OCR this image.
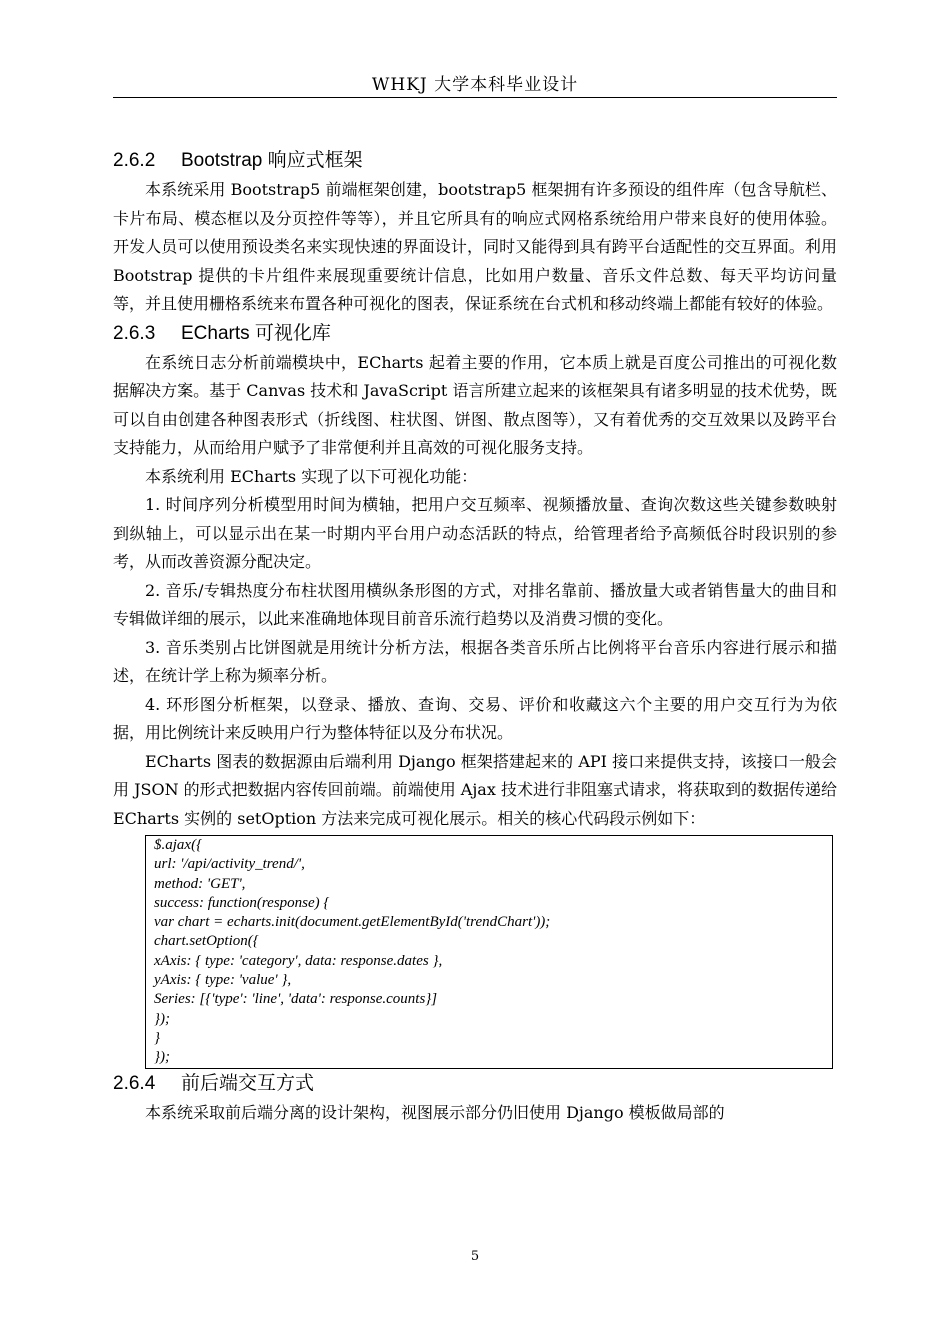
WHKJ 大学本科毕业设计
2.6.2 Bootstrap 响应式框架

本系统采用 Bootstrap5 前端框架创建，bootstrap5 框架拥有许多预设的组件库（包含导航栏、卡片布局、模态框以及分页控件等等），并且它所具有的响应式网格系统给用户带来良好的使用体验。开发人员可以使用预设类名来实现快速的界面设计，同时又能得到具有跨平台适配性的交互界面。利用 Bootstrap 提供的卡片组件来展现重要统计信息，比如用户数量、音乐文件总数、每天平均访问量等，并且使用栅格系统来布置各种可视化的图表，保证系统在台式机和移动终端上都能有较好的体验。

2.6.3 ECharts 可视化库

在系统日志分析前端模块中，ECharts 起着主要的作用，它本质上就是百度公司推出的可视化数据解决方案。基于 Canvas 技术和 JavaScript 语言所建立起来的该框架具有诸多明显的技术优势，既可以自由创建各种图表形式（折线图、柱状图、饼图、散点图等），又有着优秀的交互效果以及跨平台支持能力，从而给用户赋予了非常便利并且高效的可视化服务支持。

本系统利用 ECharts 实现了以下可视化功能：

1. 时间序列分析模型用时间为横轴，把用户交互频率、视频播放量、查询次数这些关键参数映射到纵轴上，可以显示出在某一时期内平台用户动态活跃的特点，给管理者给予高频低谷时段识别的参考，从而改善资源分配决定。

2. 音乐/专辑热度分布柱状图用横纵条形图的方式，对排名靠前、播放量大或者销售量大的曲目和专辑做详细的展示，以此来准确地体现目前音乐流行趋势以及消费习惯的变化。

3. 音乐类别占比饼图就是用统计分析方法，根据各类音乐所占比例将平台音乐内容进行展示和描述，在统计学上称为频率分析。

4. 环形图分析框架，以登录、播放、查询、交易、评价和收藏这六个主要的用户交互行为为依据，用比例统计来反映用户行为整体特征以及分布状况。

ECharts 图表的数据源由后端利用 Django 框架搭建起来的 API 接口来提供支持，该接口一般会用 JSON 的形式把数据内容传回前端。前端使用 Ajax 技术进行非阻塞式请求，将获取到的数据传递给 ECharts 实例的 setOption 方法来完成可视化展示。相关的核心代码段示例如下：

$.ajax({
url: '/api/activity_trend/',
method: 'GET',
success: function(response) {
var chart = echarts.init(document.getElementById('trendChart'));
chart.setOption({
xAxis: { type: 'category', data: response.dates },
yAxis: { type: 'value' },
Series: [{'type': 'line', 'data': response.counts}]
});
}
});
2.6.4 前后端交互方式

本系统采取前后端分离的设计架构，视图展示部分仍旧使用 Django 模板做局部的

5
